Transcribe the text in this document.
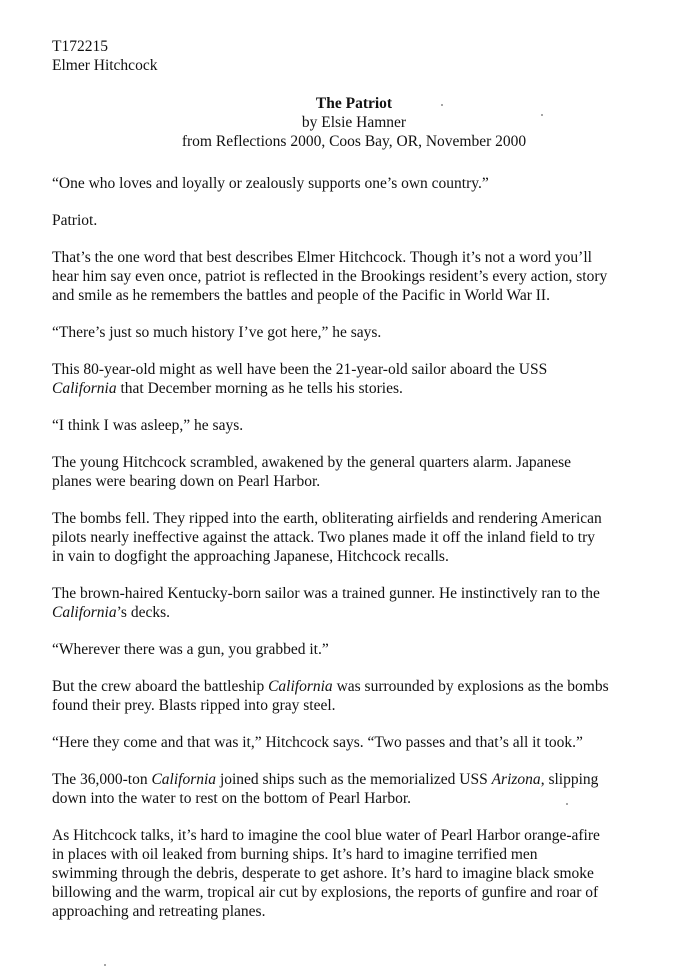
T172215
Elmer Hitchcock
The Patriot
by Elsie Hamner
from Reflections 2000, Coos Bay, OR, November 2000
“One who loves and loyally or zealously supports one’s own country.”
Patriot.
That’s the one word that best describes Elmer Hitchcock. Though it’s not a word you’ll
hear him say even once, patriot is reflected in the Brookings resident’s every action, story
and smile as he remembers the battles and people of the Pacific in World War II.
“There’s just so much history I’ve got here,” he says.
This 80-year-old might as well have been the 21-year-old sailor aboard the USS
California that December morning as he tells his stories.
“I think I was asleep,” he says.
The young Hitchcock scrambled, awakened by the general quarters alarm. Japanese
planes were bearing down on Pearl Harbor.
The bombs fell. They ripped into the earth, obliterating airfields and rendering American
pilots nearly ineffective against the attack. Two planes made it off the inland field to try
in vain to dogfight the approaching Japanese, Hitchcock recalls.
The brown-haired Kentucky-born sailor was a trained gunner. He instinctively ran to the
California’s decks.
“Wherever there was a gun, you grabbed it.”
But the crew aboard the battleship California was surrounded by explosions as the bombs
found their prey. Blasts ripped into gray steel.
“Here they come and that was it,” Hitchcock says. “Two passes and that’s all it took.”
The 36,000-ton California joined ships such as the memorialized USS Arizona, slipping
down into the water to rest on the bottom of Pearl Harbor.
As Hitchcock talks, it’s hard to imagine the cool blue water of Pearl Harbor orange-afire
in places with oil leaked from burning ships. It’s hard to imagine terrified men
swimming through the debris, desperate to get ashore. It’s hard to imagine black smoke
billowing and the warm, tropical air cut by explosions, the reports of gunfire and roar of
approaching and retreating planes.
